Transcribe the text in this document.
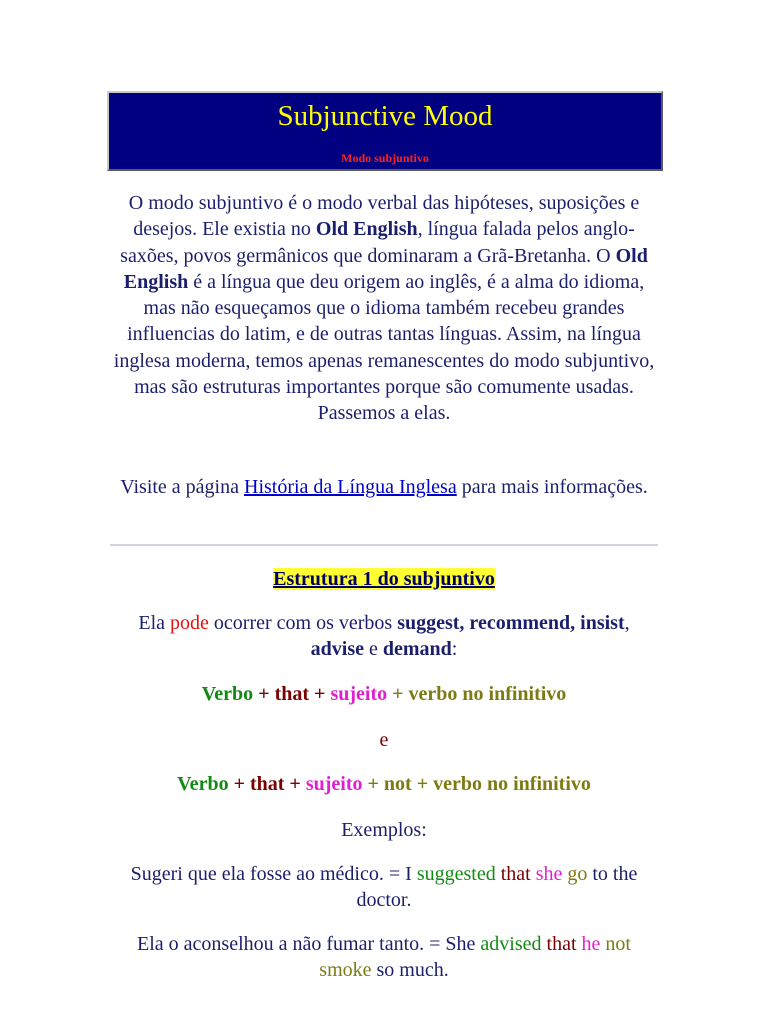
Subjunctive Mood
Modo subjuntivo

O modo subjuntivo é o modo verbal das hipóteses, suposições e desejos. Ele existia no Old English, língua falada pelos anglo-saxões, povos germânicos que dominaram a Grã-Bretanha. O Old English é a língua que deu origem ao inglês, é a alma do idioma, mas não esqueçamos que o idioma também recebeu grandes influencias do latim, e de outras tantas línguas. Assim, na língua inglesa moderna, temos apenas remanescentes do modo subjuntivo, mas são estruturas importantes porque são comumente usadas. Passemos a elas.

Visite a página História da Língua Inglesa para mais informações.

Estrutura 1 do subjuntivo

Ela pode ocorrer com os verbos suggest, recommend, insist, advise e demand:

Verbo + that + sujeito + verbo no infinitivo

e

Verbo + that + sujeito + not + verbo no infinitivo

Exemplos:

Sugeri que ela fosse ao médico. = I suggested that she go to the doctor.

Ela o aconselhou a não fumar tanto. = She advised that he not smoke so much.
